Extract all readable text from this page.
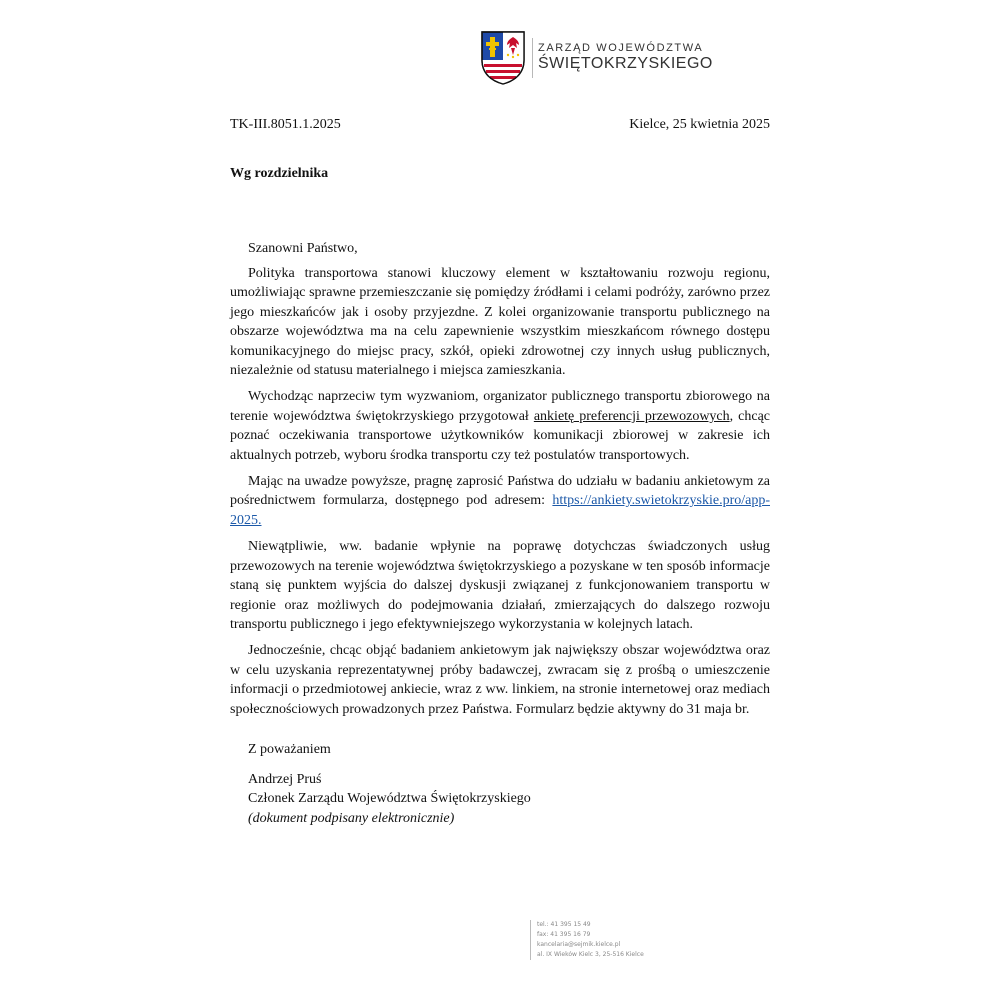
ZARZĄD WOJEWÓDZTWA
ŚWIĘTOKRZYSKIEGO
TK-III.8051.1.2025	Kielce, 25 kwietnia 2025
Wg rozdzielnika
Szanowni Państwo,

Polityka transportowa stanowi kluczowy element w kształtowaniu rozwoju regionu, umożliwiając sprawne przemieszczanie się pomiędzy źródłami i celami podróży, zarówno przez jego mieszkańców jak i osoby przyjezdne. Z kolei organizowanie transportu publicznego na obszarze województwa ma na celu zapewnienie wszystkim mieszkańcom równego dostępu komunikacyjnego do miejsc pracy, szkół, opieki zdrowotnej czy innych usług publicznych, niezależnie od statusu materialnego i miejsca zamieszkania.

Wychodząc naprzeciw tym wyzwaniom, organizator publicznego transportu zbiorowego na terenie województwa świętokrzyskiego przygotował ankietę preferencji przewozowych, chcąc poznać oczekiwania transportowe użytkowników komunikacji zbiorowej w zakresie ich aktualnych potrzeb, wyboru środka transportu czy też postulatów transportowych.

Mając na uwadze powyższe, pragnę zaprosić Państwa do udziału w badaniu ankietowym za pośrednictwem formularza, dostępnego pod adresem: https://ankiety.swietokrzyskie.pro/app-2025.

Niewątpliwie, ww. badanie wpłynie na poprawę dotychczas świadczonych usług przewozowych na terenie województwa świętokrzyskiego a pozyskane w ten sposób informacje staną się punktem wyjścia do dalszej dyskusji związanej z funkcjonowaniem transportu w regionie oraz możliwych do podejmowania działań, zmierzających do dalszego rozwoju transportu publicznego i jego efektywniejszego wykorzystania w kolejnych latach.

Jednocześnie, chcąc objąć badaniem ankietowym jak największy obszar województwa oraz w celu uzyskania reprezentatywnej próby badawczej, zwracam się z prośbą o umieszczenie informacji o przedmiotowej ankiecie, wraz z ww. linkiem, na stronie internetowej oraz mediach społecznościowych prowadzonych przez Państwa. Formularz będzie aktywny do 31 maja br.

Z poważaniem
Andrzej Pruś
Członek Zarządu Województwa Świętokrzyskiego
(dokument podpisany elektronicznie)
tel.: 41 395 15 49
fax: 41 395 16 79
kancelaria@sejmik.kielce.pl
al. IX Wieków Kielc 3, 25-516 Kielce
